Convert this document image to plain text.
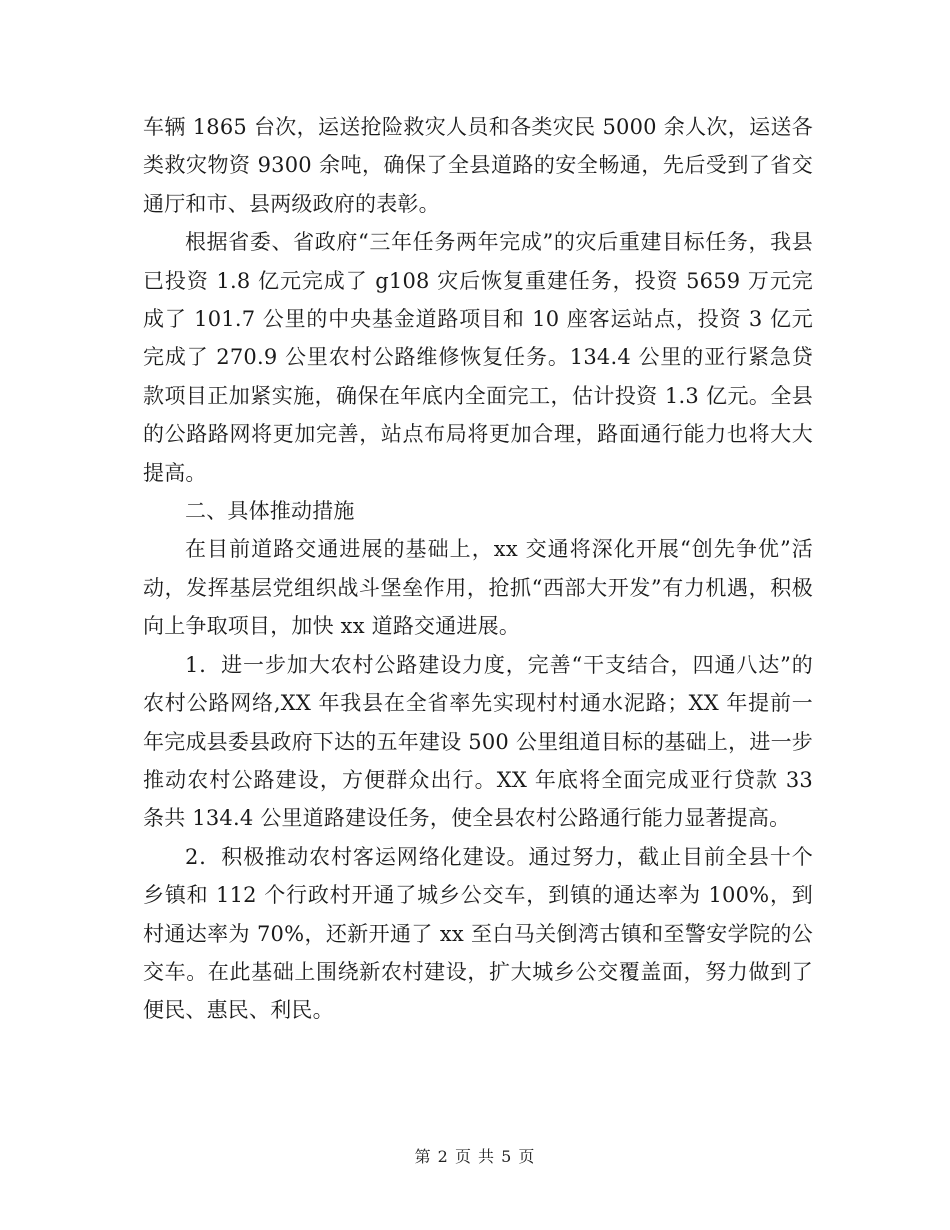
车辆 1865 台次，运送抢险救灾人员和各类灾民 5000 余人次，运送各类救灾物资 9300 余吨，确保了全县道路的安全畅通，先后受到了省交通厅和市、县两级政府的表彰。

根据省委、省政府“三年任务两年完成”的灾后重建目标任务，我县已投资 1.8 亿元完成了 g108 灾后恢复重建任务，投资 5659 万元完成了 101.7 公里的中央基金道路项目和 10 座客运站点，投资 3 亿元完成了 270.9 公里农村公路维修恢复任务。134.4 公里的亚行紧急贷款项目正加紧实施，确保在年底内全面完工，估计投资 1.3 亿元。全县的公路路网将更加完善，站点布局将更加合理，路面通行能力也将大大提高。

二、具体推动措施

在目前道路交通进展的基础上，xx 交通将深化开展“创先争优”活动，发挥基层党组织战斗堡垒作用，抢抓“西部大开发”有力机遇，积极向上争取项目，加快 xx 道路交通进展。

1．进一步加大农村公路建设力度，完善“干支结合，四通八达”的农村公路网络,XX 年我县在全省率先实现村村通水泥路；XX 年提前一年完成县委县政府下达的五年建设 500 公里组道目标的基础上，进一步推动农村公路建设，方便群众出行。XX 年底将全面完成亚行贷款 33 条共 134.4 公里道路建设任务，使全县农村公路通行能力显著提高。

2．积极推动农村客运网络化建设。通过努力，截止目前全县十个乡镇和 112 个行政村开通了城乡公交车，到镇的通达率为 100%，到村通达率为 70%，还新开通了 xx 至白马关倒湾古镇和至警安学院的公交车。在此基础上围绕新农村建设，扩大城乡公交覆盖面，努力做到了便民、惠民、利民。

第 2 页 共 5 页
